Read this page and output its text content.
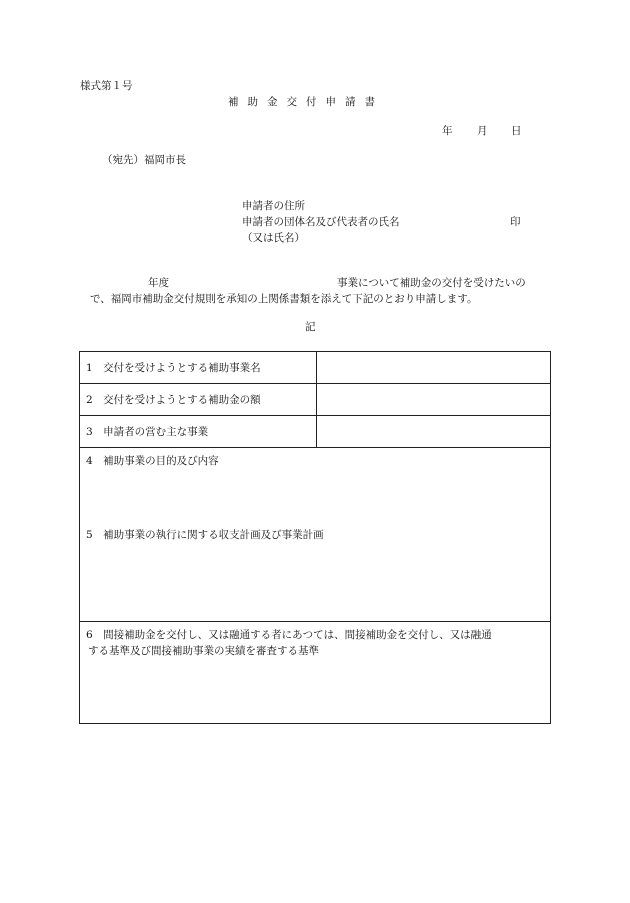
様式第１号
補助金交付申請書
年 月 日
（宛先）福岡市長
申請者の住所
申請者の団体名及び代表者の氏名	印
（又は氏名）
年度	事業について補助金の交付を受けたいの
で、福岡市補助金交付規則を承知の上関係書類を添えて下記のとおり申請します。
記
1　交付を受けようとする補助事業名	

2　交付を受けようとする補助金の額	

3　申請者の営む主な事業	

4　補助事業の目的及び内容
5　補助事業の執行に関する収支計画及び事業計画	

6　間接補助金を交付し、又は融通する者にあつては、間接補助金を交付し、又は融通
する基準及び間接補助事業の実績を審査する基準	
